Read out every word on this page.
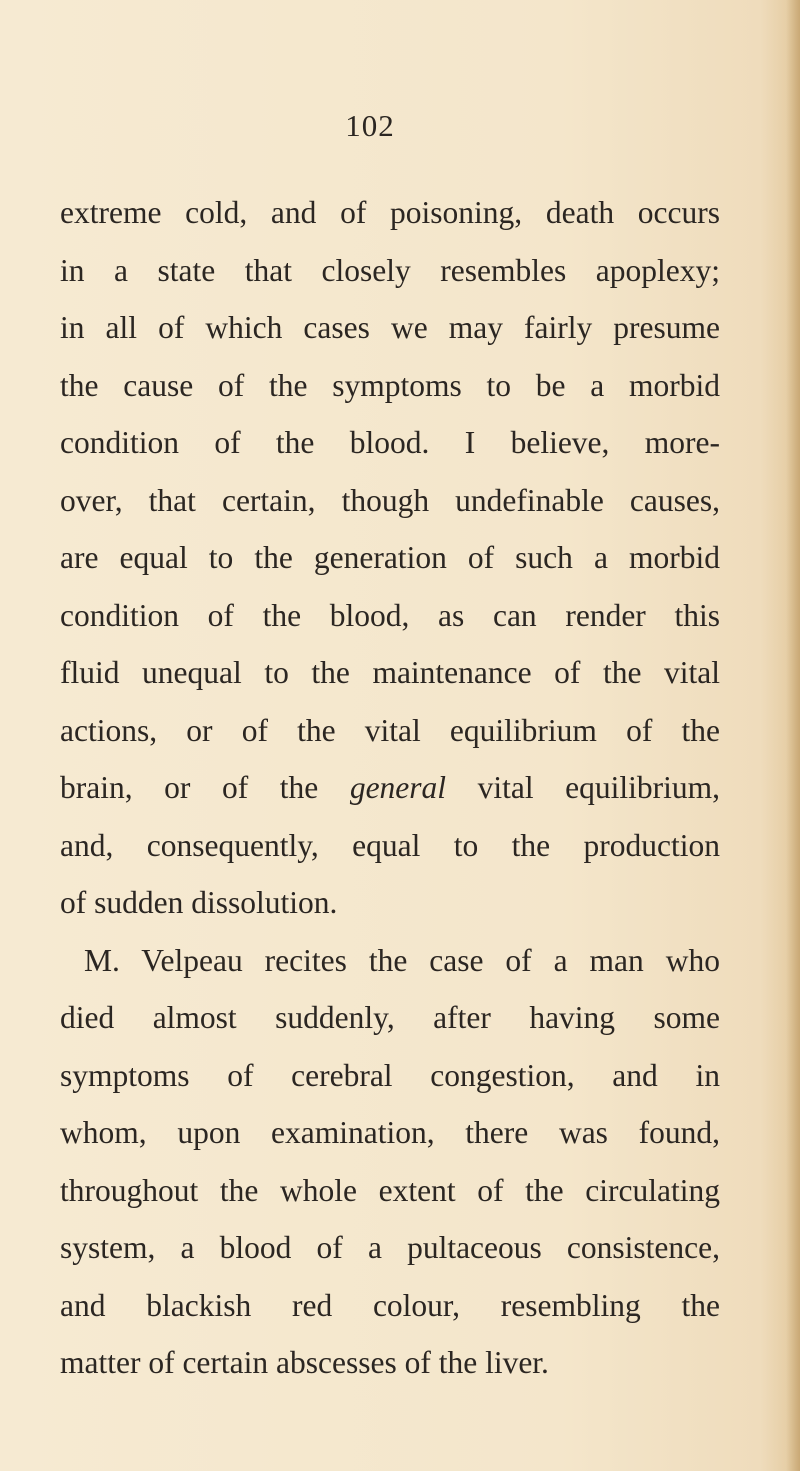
102
extreme cold, and of poisoning, death occurs
in a state that closely resembles apoplexy;
in all of which cases we may fairly presume
the cause of the symptoms to be a morbid
condition of the blood. I believe, more-
over, that certain, though undefinable causes,
are equal to the generation of such a morbid
condition of the blood, as can render this
fluid unequal to the maintenance of the vital
actions, or of the vital equilibrium of the
brain, or of the general vital equilibrium,
and, consequently, equal to the production
of sudden dissolution.
M. Velpeau recites the case of a man who
died almost suddenly, after having some
symptoms of cerebral congestion, and in
whom, upon examination, there was found,
throughout the whole extent of the circulating
system, a blood of a pultaceous consistence,
and blackish red colour, resembling the
matter of certain abscesses of the liver.
